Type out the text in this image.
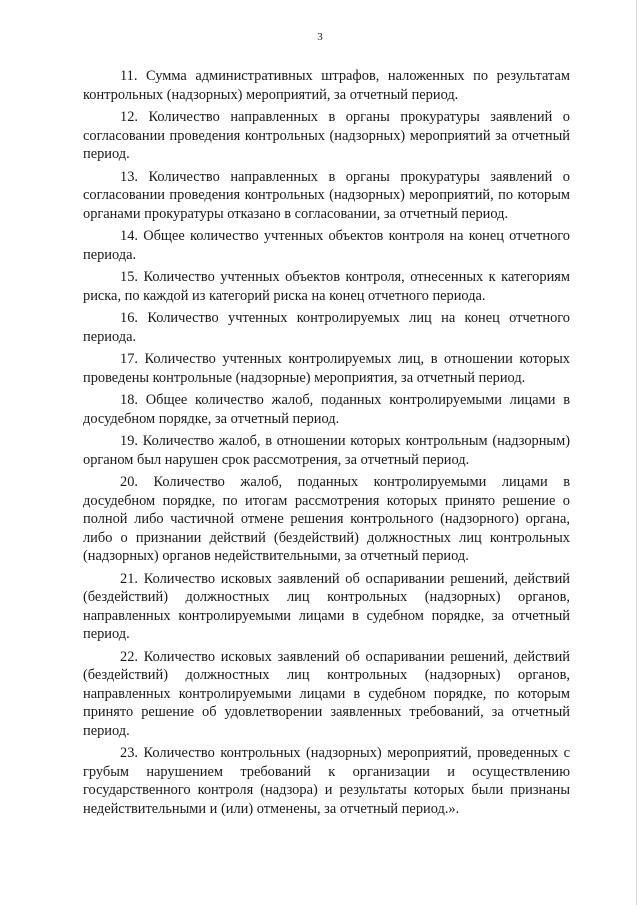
3

11. Сумма административных штрафов, наложенных по результатам контрольных (надзорных) мероприятий, за отчетный период.

12. Количество направленных в органы прокуратуры заявлений о согласовании проведения контрольных (надзорных) мероприятий за отчетный период.

13. Количество направленных в органы прокуратуры заявлений о согласовании проведения контрольных (надзорных) мероприятий, по которым органами прокуратуры отказано в согласовании, за отчетный период.

14. Общее количество учтенных объектов контроля на конец отчетного периода.

15. Количество учтенных объектов контроля, отнесенных к категориям риска, по каждой из категорий риска на конец отчетного периода.

16. Количество учтенных контролируемых лиц на конец отчетного периода.

17. Количество учтенных контролируемых лиц, в отношении которых проведены контрольные (надзорные) мероприятия, за отчетный период.

18. Общее количество жалоб, поданных контролируемыми лицами в досудебном порядке, за отчетный период.

19. Количество жалоб, в отношении которых контрольным (надзорным) органом был нарушен срок рассмотрения, за отчетный период.

20. Количество жалоб, поданных контролируемыми лицами в досудебном порядке, по итогам рассмотрения которых принято решение о полной либо частичной отмене решения контрольного (надзорного) органа, либо о признании действий (бездействий) должностных лиц контрольных (надзорных) органов недействительными, за отчетный период.

21. Количество исковых заявлений об оспаривании решений, действий (бездействий) должностных лиц контрольных (надзорных) органов, направленных контролируемыми лицами в судебном порядке, за отчетный период.

22. Количество исковых заявлений об оспаривании решений, действий (бездействий) должностных лиц контрольных (надзорных) органов, направленных контролируемыми лицами в судебном порядке, по которым принято решение об удовлетворении заявленных требований, за отчетный период.

23. Количество контрольных (надзорных) мероприятий, проведенных с грубым нарушением требований к организации и осуществлению государственного контроля (надзора) и результаты которых были признаны недействительными и (или) отменены, за отчетный период.».
